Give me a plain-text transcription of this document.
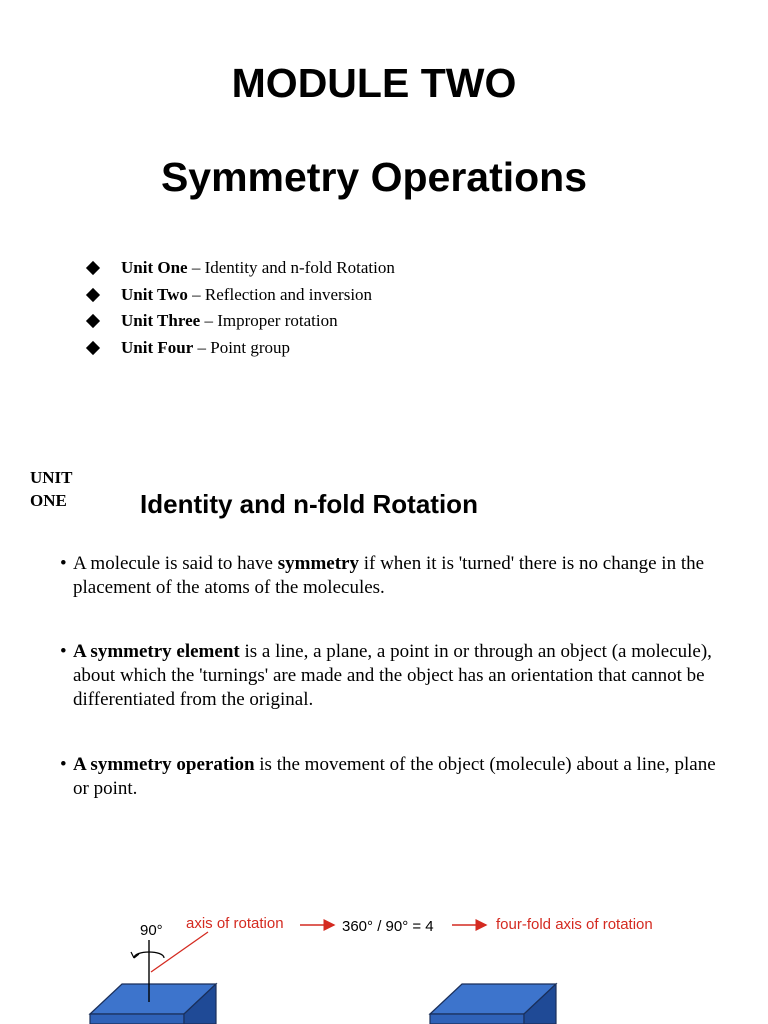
MODULE TWO
Symmetry Operations
Unit One – Identity and n-fold Rotation
Unit Two – Reflection and inversion
Unit Three – Improper rotation
Unit Four – Point group
UNIT
ONE	Identity and n-fold Rotation
• A molecule is said to have symmetry if when it is 'turned' there is no change in the placement of the atoms of the molecules.
• A symmetry element is a line, a plane, a point in or through an object (a molecule), about which the 'turnings' are made and the object has an orientation that cannot be differentiated from the original.
• A symmetry operation is the movement of the object (molecule) about a line, plane or point.
90° axis of rotation	360° / 90° = 4	four-fold axis of rotation
